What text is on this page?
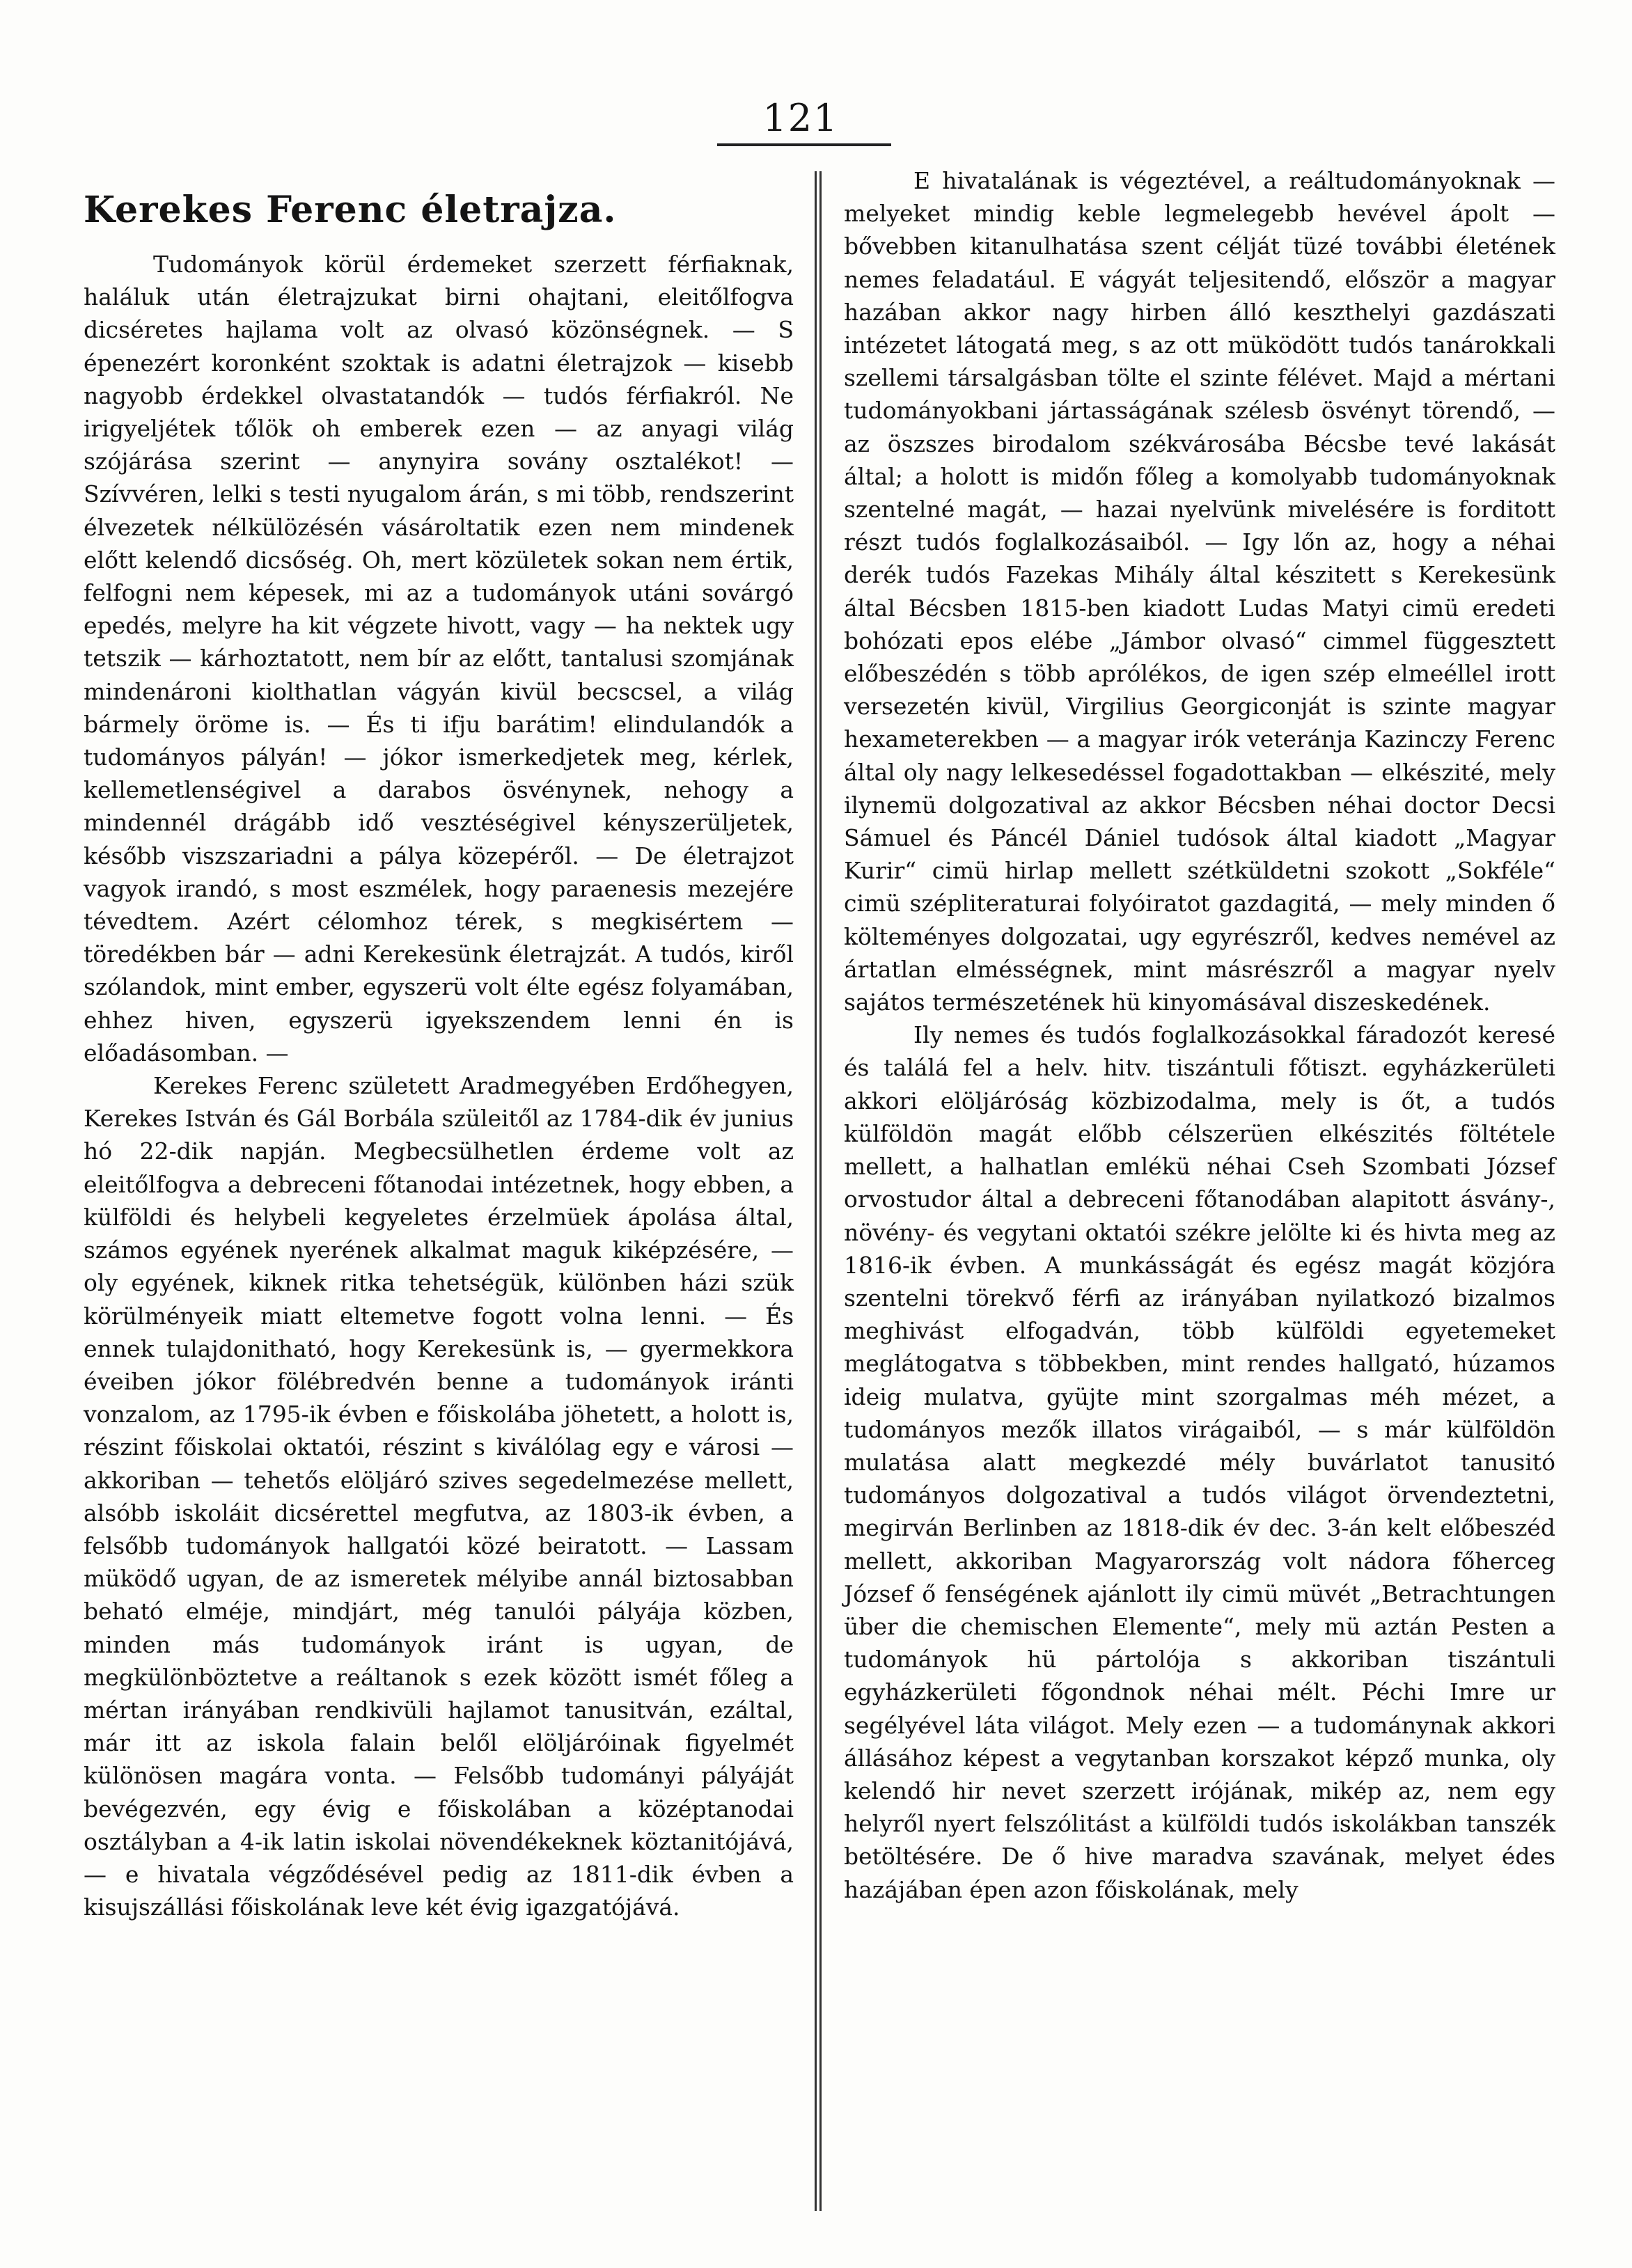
121
Kerekes Ferenc életrajza.

Tudományok körül érdemeket szerzett férfiaknak, haláluk után életrajzukat birni ohajtani, eleitőlfogva dicséretes hajlama volt az olvasó közönségnek. — S épenezért koronként szoktak is adatni életrajzok — kisebb nagyobb érdekkel olvastatandók — tudós férfiakról. Ne irigyeljétek tőlök oh emberek ezen — az anyagi világ szójárása szerint — anynyira sovány osztalékot! — Szívvéren, lelki s testi nyugalom árán, s mi több, rendszerint élvezetek nélkülözésén vásároltatik ezen nem mindenek előtt kelendő dicsőség. Oh, mert közületek sokan nem értik, felfogni nem képesek, mi az a tudományok utáni sovárgó epedés, melyre ha kit végzete hivott, vagy — ha nektek ugy tetszik — kárhoztatott, nem bír az előtt, tantalusi szomjának mindenároni kiolthatlan vágyán kivül becscsel, a világ bármely öröme is. — És ti ifju barátim! elindulandók a tudományos pályán! — jókor ismerkedjetek meg, kérlek, kellemetlenségivel a darabos ösvénynek, nehogy a mindennél drágább idő vesztéségivel kényszerüljetek, később viszszariadni a pálya közepéről. — De életrajzot vagyok irandó, s most eszmélek, hogy paraenesis mezejére tévedtem. Azért célomhoz térek, s megkisértem — töredékben bár — adni Kerekesünk életrajzát. A tudós, kiről szólandok, mint ember, egyszerü volt élte egész folyamában, ehhez hiven, egyszerü igyekszendem lenni én is előadásomban. —

Kerekes Ferenc született Aradmegyében Erdőhegyen, Kerekes István és Gál Borbála szüleitől az 1784-dik év junius hó 22-dik napján. Megbecsülhetlen érdeme volt az eleitőlfogva a debreceni főtanodai intézetnek, hogy ebben, a külföldi és helybeli kegyeletes érzelmüek ápolása által, számos egyének nyerének alkalmat maguk kiképzésére, — oly egyének, kiknek ritka tehetségük, különben házi szük körülményeik miatt eltemetve fogott volna lenni. — És ennek tulajdonitható, hogy Kerekesünk is, — gyermekkora éveiben jókor fölébredvén benne a tudományok iránti vonzalom, az 1795-ik évben e főiskolába jöhetett, a holott is, részint főiskolai oktatói, részint s kiválólag egy e városi — akkoriban — tehetős elöljáró szives segedelmezése mellett, alsóbb iskoláit dicsérettel megfutva, az 1803-ik évben, a felsőbb tudományok hallgatói közé beiratott. — Lassam müködő ugyan, de az ismeretek mélyibe annál biztosabban beható elméje, mindjárt, még tanulói pályája közben, minden más tudományok iránt is ugyan, de megkülönböztetve a reáltanok s ezek között ismét főleg a mértan irányában rendkivüli hajlamot tanusitván, ezáltal, már itt az iskola falain belől elöljáróinak figyelmét különösen magára vonta. — Felsőbb tudományi pályáját bevégezvén, egy évig e főiskolában a középtanodai osztályban a 4-ik latin iskolai növendékeknek köztanitójává, — e hivatala végződésével pedig az 1811-dik évben a kisujszállási főiskolának leve két évig igazgatójává.

E hivatalának is végeztével, a reáltudományoknak — melyeket mindig keble legmelegebb hevével ápolt — bővebben kitanulhatása szent célját tüzé további életének nemes feladatául. E vágyát teljesitendő, először a magyar hazában akkor nagy hirben álló keszthelyi gazdászati intézetet látogatá meg, s az ott müködött tudós tanárokkali szellemi társalgásban tölte el szinte félévet. Majd a mértani tudományokbani jártasságának szélesb ösvényt törendő, — az öszszes birodalom székvárosába Bécsbe tevé lakását által; a holott is midőn főleg a komolyabb tudományoknak szentelné magát, — hazai nyelvünk mivelésére is forditott részt tudós foglalkozásaiból. — Igy lőn az, hogy a néhai derék tudós Fazekas Mihály által készitett s Kerekesünk által Bécsben 1815-ben kiadott Ludas Matyi cimü eredeti bohózati epos elébe „Jámbor olvasó“ cimmel függesztett előbeszédén s több aprólékos, de igen szép elmeéllel irott versezetén kivül, Virgilius Georgiconját is szinte magyar hexameterekben — a magyar irók veteránja Kazinczy Ferenc által oly nagy lelkesedéssel fogadottakban — elkészité, mely ilynemü dolgozatival az akkor Bécsben néhai doctor Decsi Sámuel és Páncél Dániel tudósok által kiadott „Magyar Kurir“ cimü hirlap mellett szétküldetni szokott „Sokféle“ cimü szépliteraturai folyóiratot gazdagitá, — mely minden ő költeményes dolgozatai, ugy egyrészről, kedves nemével az ártatlan elmésségnek, mint másrészről a magyar nyelv sajátos természetének hü kinyomásával diszeskedének.

Ily nemes és tudós foglalkozásokkal fáradozót keresé és találá fel a helv. hitv. tiszántuli főtiszt. egyházkerületi akkori elöljáróság közbizodalma, mely is őt, a tudós külföldön magát előbb célszerüen elkészités föltétele mellett, a halhatlan emlékü néhai Cseh Szombati József orvostudor által a debreceni főtanodában alapitott ásvány-, növény- és vegytani oktatói székre jelölte ki és hivta meg az 1816-ik évben. A munkásságát és egész magát közjóra szentelni törekvő férfi az irányában nyilatkozó bizalmos meghivást elfogadván, több külföldi egyetemeket meglátogatva s többekben, mint rendes hallgató, húzamos ideig mulatva, gyüjte mint szorgalmas méh mézet, a tudományos mezők illatos virágaiból, — s már külföldön mulatása alatt megkezdé mély buvárlatot tanusitó tudományos dolgozatival a tudós világot örvendeztetni, megirván Berlinben az 1818-dik év dec. 3-án kelt előbeszéd mellett, akkoriban Magyarország volt nádora főherceg József ő fenségének ajánlott ily cimü müvét „Betrachtungen über die chemischen Elemente“, mely mü aztán Pesten a tudományok hü pártolója s akkoriban tiszántuli egyházkerületi főgondnok néhai mélt. Péchi Imre ur segélyével láta világot. Mely ezen — a tudománynak akkori állásához képest a vegytanban korszakot képző munka, oly kelendő hir nevet szerzett irójának, mikép az, nem egy helyről nyert felszólitást a külföldi tudós iskolákban tanszék betöltésére. De ő hive maradva szavának, melyet édes hazájában épen azon főiskolának, mely
